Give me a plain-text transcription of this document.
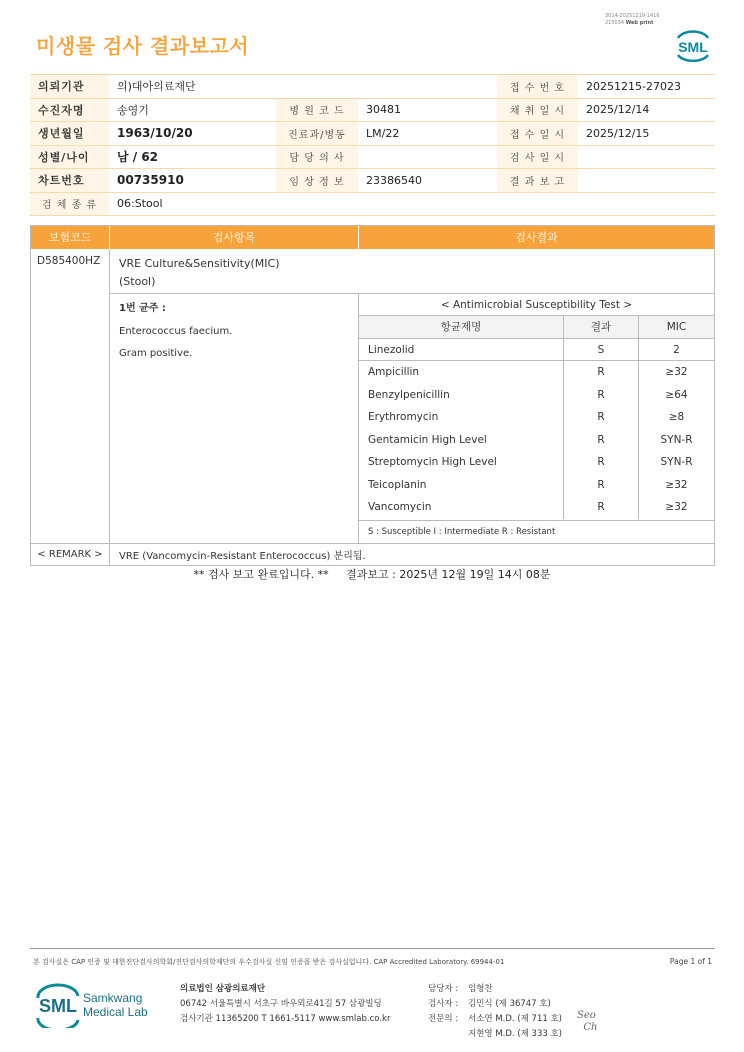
미생물 검사 결과보고서
3014-20251219-1416
210034 Web print
SML
의뢰기관	의)대아의료재단			접 수 번 호	20251215-27023
수진자명	송영기	병 원 코 드	30481	채 취 일 시	2025/12/14
생년월일	1963/10/20	진료과/병동	LM/22	접 수 일 시	2025/12/15
성별/나이	남 / 62	담 당 의 사		검 사 일 시	
차트번호	00735910	임 상 정 보	23386540	결 과 보 고	
검 체 종 류	06:Stool				
보험코드	검사항목	검사결과
D585400HZ	VRE Culture&Sensitivity(MIC)
(Stool)
1번 균주 :
Enterococcus faecium.
Gram positive.
< Antimicrobial Susceptibility Test >
항균제명	결과	MIC
Linezolid	S	2
Ampicillin	R	≥32
Benzylpenicillin	R	≥64
Erythromycin	R	≥8
Gentamicin High Level	R	SYN-R
Streptomycin High Level	R	SYN-R
Teicoplanin	R	≥32
Vancomycin	R	≥32
S : Susceptible I : Intermediate R : Resistant
< REMARK >	VRE (Vancomycin-Resistant Enterococcus) 분리됨.
** 검사 보고 완료입니다. **     결과보고 : 2025년 12월 19일 14시 08분
본 검사실은 CAP 인증 및 대한진단검사의학회/진단검사의학재단의 우수검사실 신임 인증을 받은 검사실입니다. CAP Accredited Laboratory. 69944-01	Page 1 of 1
SML Samkwang
Medical Lab
의료법인 삼광의료재단
06742 서울특별시 서초구 바우뫼로41길 57 삼광빌딩
검사기관 11365200 T 1661-5117 www.smlab.co.kr
담당자 :	임형찬
검사자 :	김민식 (제 36747 호)
전문의 :	서소연 M.D. (제 711 호)
지현영 M.D. (제 333 호)
Seo
Ch
